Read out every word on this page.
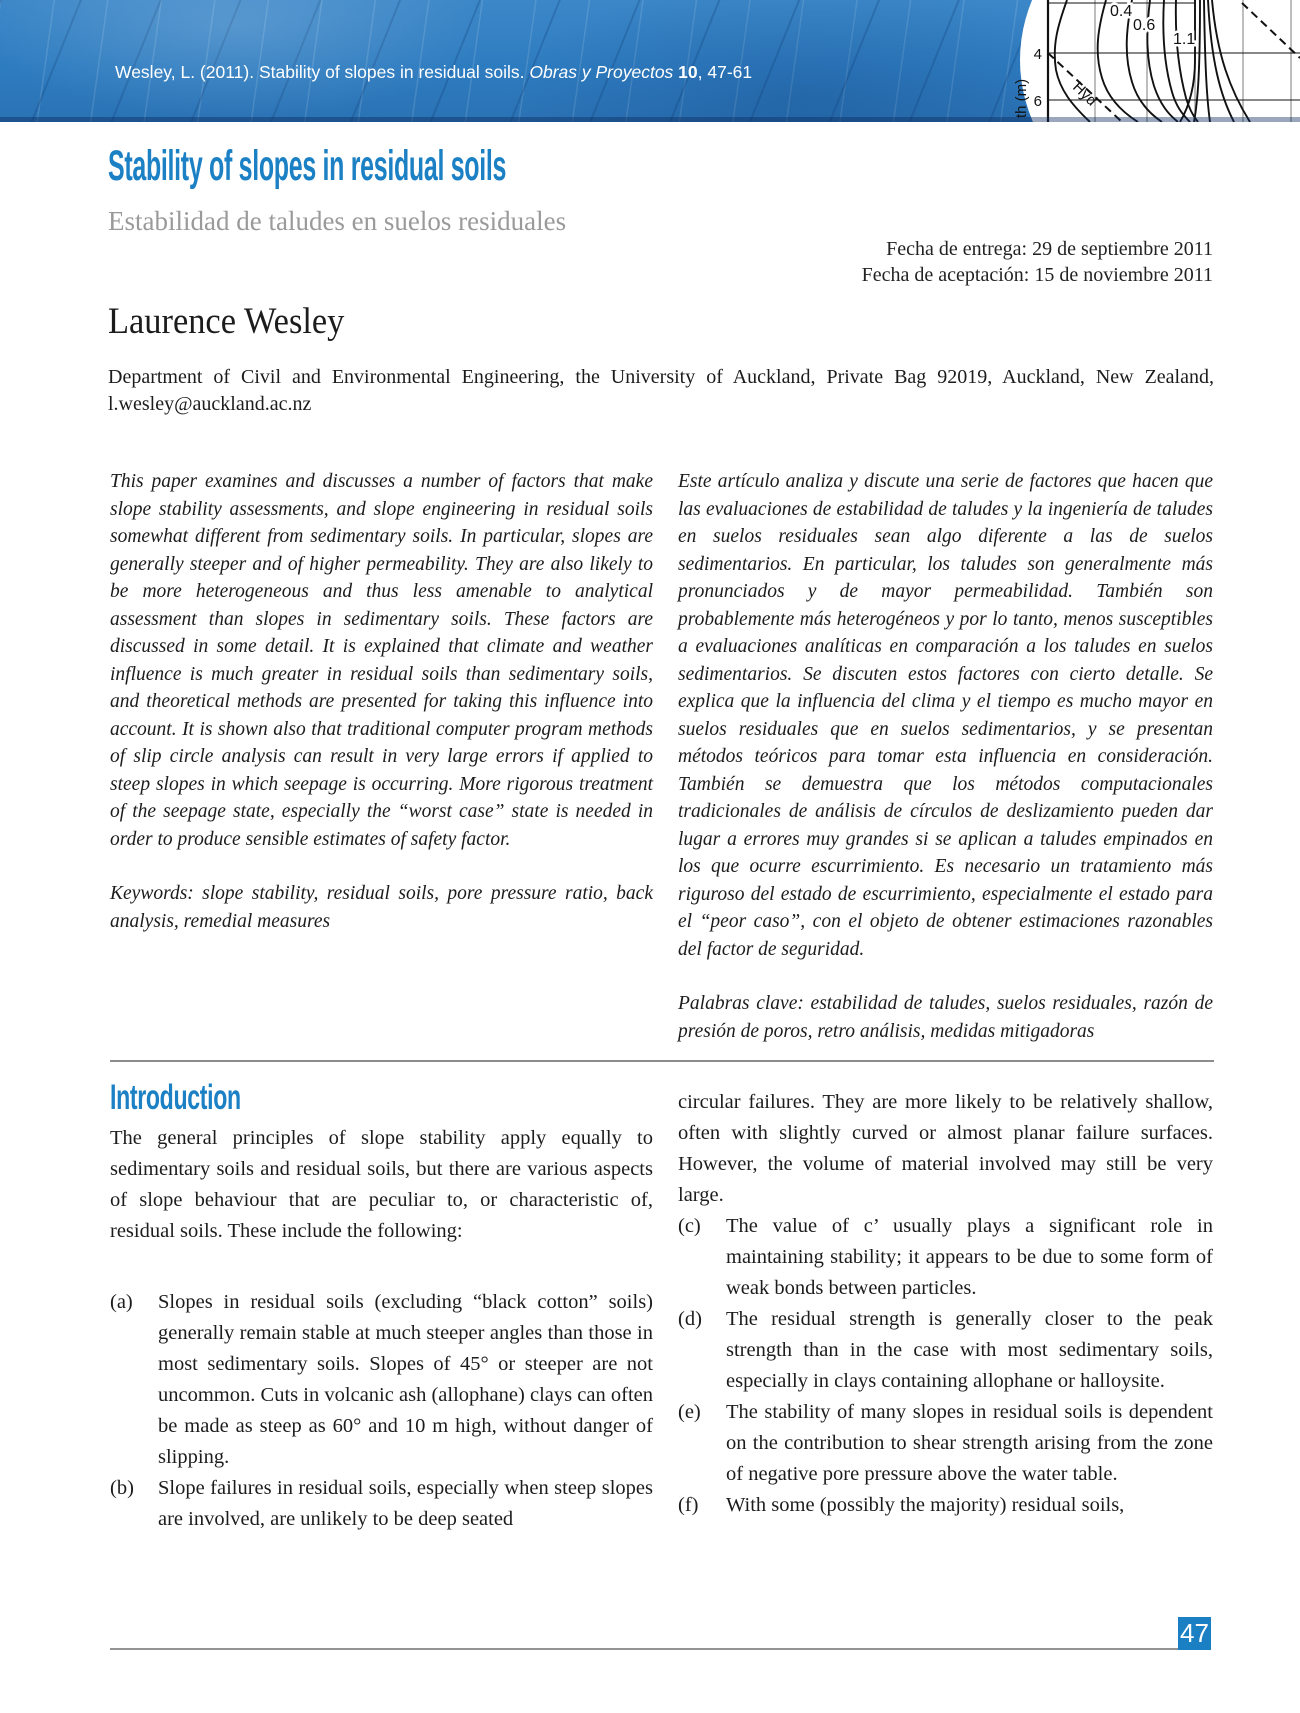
4
6
th (m)
0.4
0.6
1.1
Hyd
Wesley, L. (2011). Stability of slopes in residual soils. Obras y Proyectos 10, 47-61
Stability of slopes in residual soils
Estabilidad de taludes en suelos residuales
Fecha de entrega: 29 de septiembre 2011
Fecha de aceptación: 15 de noviembre 2011
Laurence Wesley
Department of Civil and Environmental Engineering, the University of Auckland, Private Bag 92019, Auckland, New Zealand, l.wesley@auckland.ac.nz

This paper examines and discusses a number of factors that make slope stability assessments, and slope engineering in residual soils somewhat different from sedimentary soils. In particular, slopes are generally steeper and of higher permeability. They are also likely to be more heterogeneous and thus less amenable to analytical assessment than slopes in sedimentary soils. These factors are discussed in some detail. It is explained that climate and weather influence is much greater in residual soils than sedimentary soils, and theoretical methods are presented for taking this influence into account. It is shown also that traditional computer program methods of slip circle analysis can result in very large errors if applied to steep slopes in which seepage is occurring. More rigorous treatment of the seepage state, especially the “worst case” state is needed in order to produce sensible estimates of safety factor.

Keywords: slope stability, residual soils, pore pressure ratio, back analysis, remedial measures

Este artículo analiza y discute una serie de factores que hacen que las evaluaciones de estabilidad de taludes y la ingeniería de taludes en suelos residuales sean algo diferente a las de suelos sedimentarios. En particular, los taludes son generalmente más pronunciados y de mayor permeabilidad. También son probablemente más heterogéneos y por lo tanto, menos susceptibles a evaluaciones analíticas en comparación a los taludes en suelos sedimentarios. Se discuten estos factores con cierto detalle. Se explica que la influencia del clima y el tiempo es mucho mayor en suelos residuales que en suelos sedimentarios, y se presentan métodos teóricos para tomar esta influencia en consideración. También se demuestra que los métodos computacionales tradicionales de análisis de círculos de deslizamiento pueden dar lugar a errores muy grandes si se aplican a taludes empinados en los que ocurre escurrimiento. Es necesario un tratamiento más riguroso del estado de escurrimiento, especialmente el estado para el “peor caso”, con el objeto de obtener estimaciones razonables del factor de seguridad.

Palabras clave: estabilidad de taludes, suelos residuales, razón de presión de poros, retro análisis, medidas mitigadoras

Introduction

The general principles of slope stability apply equally to sedimentary soils and residual soils, but there are various aspects of slope behaviour that are peculiar to, or characteristic of, residual soils. These include the following:

(a) Slopes in residual soils (excluding “black cotton” soils) generally remain stable at much steeper angles than those in most sedimentary soils. Slopes of 45° or steeper are not uncommon. Cuts in volcanic ash (allophane) clays can often be made as steep as 60° and 10 m high, without danger of slipping.
(b) Slope failures in residual soils, especially when steep slopes are involved, are unlikely to be deep seated

circular failures. They are more likely to be relatively shallow, often with slightly curved or almost planar failure surfaces. However, the volume of material involved may still be very large.

(c) The value of c’ usually plays a significant role in maintaining stability; it appears to be due to some form of weak bonds between particles.
(d) The residual strength is generally closer to the peak strength than in the case with most sedimentary soils, especially in clays containing allophane or halloysite.
(e) The stability of many slopes in residual soils is dependent on the contribution to shear strength arising from the zone of negative pore pressure above the water table.
(f) With some (possibly the majority) residual soils,
47
